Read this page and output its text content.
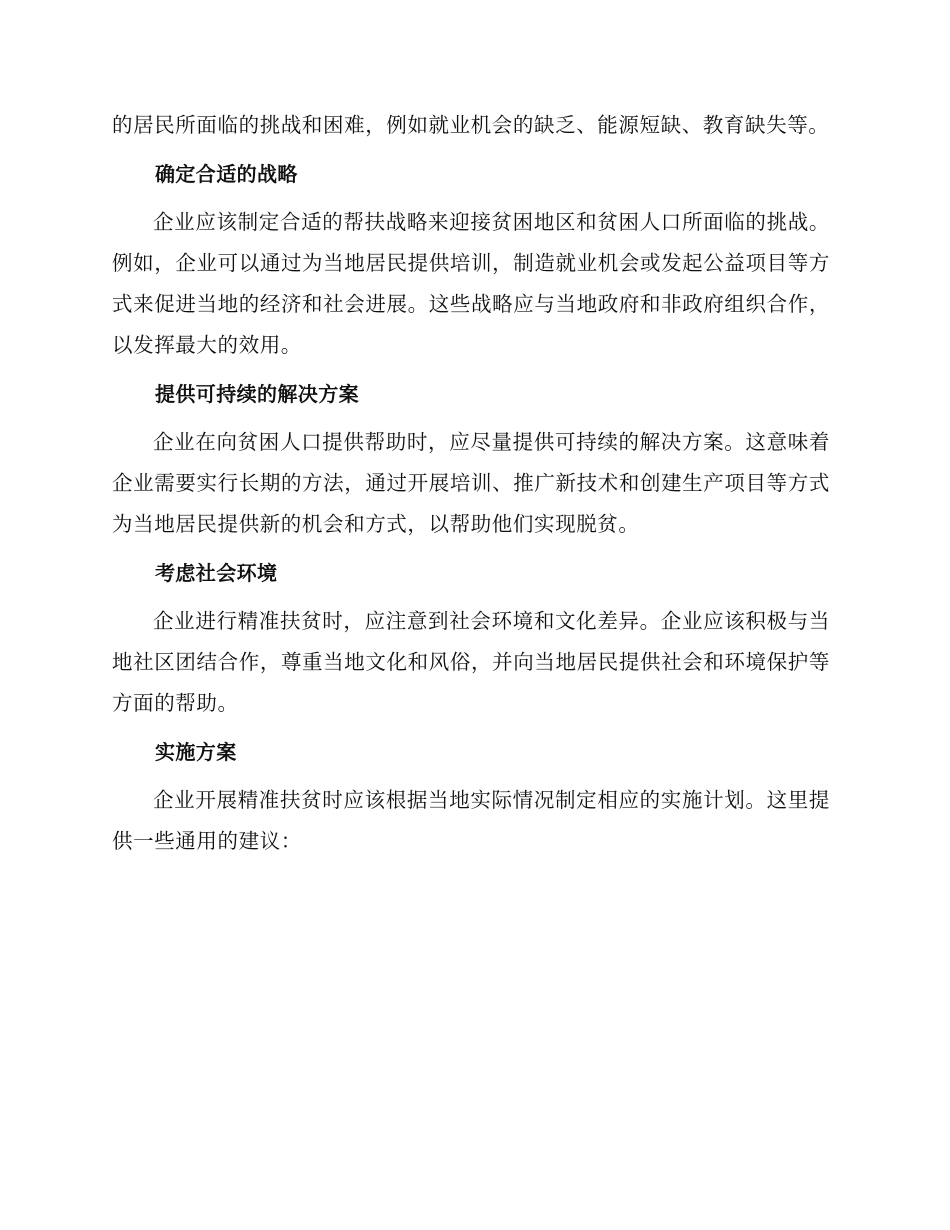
的居民所面临的挑战和困难，例如就业机会的缺乏、能源短缺、教育缺失等。

确定合适的战略

企业应该制定合适的帮扶战略来迎接贫困地区和贫困人口所面临的挑战。例如，企业可以通过为当地居民提供培训，制造就业机会或发起公益项目等方式来促进当地的经济和社会进展。这些战略应与当地政府和非政府组织合作，以发挥最大的效用。

提供可持续的解决方案

企业在向贫困人口提供帮助时，应尽量提供可持续的解决方案。这意味着企业需要实行长期的方法，通过开展培训、推广新技术和创建生产项目等方式为当地居民提供新的机会和方式，以帮助他们实现脱贫。

考虑社会环境

企业进行精准扶贫时，应注意到社会环境和文化差异。企业应该积极与当地社区团结合作，尊重当地文化和风俗，并向当地居民提供社会和环境保护等方面的帮助。

实施方案

企业开展精准扶贫时应该根据当地实际情况制定相应的实施计划。这里提供一些通用的建议：
